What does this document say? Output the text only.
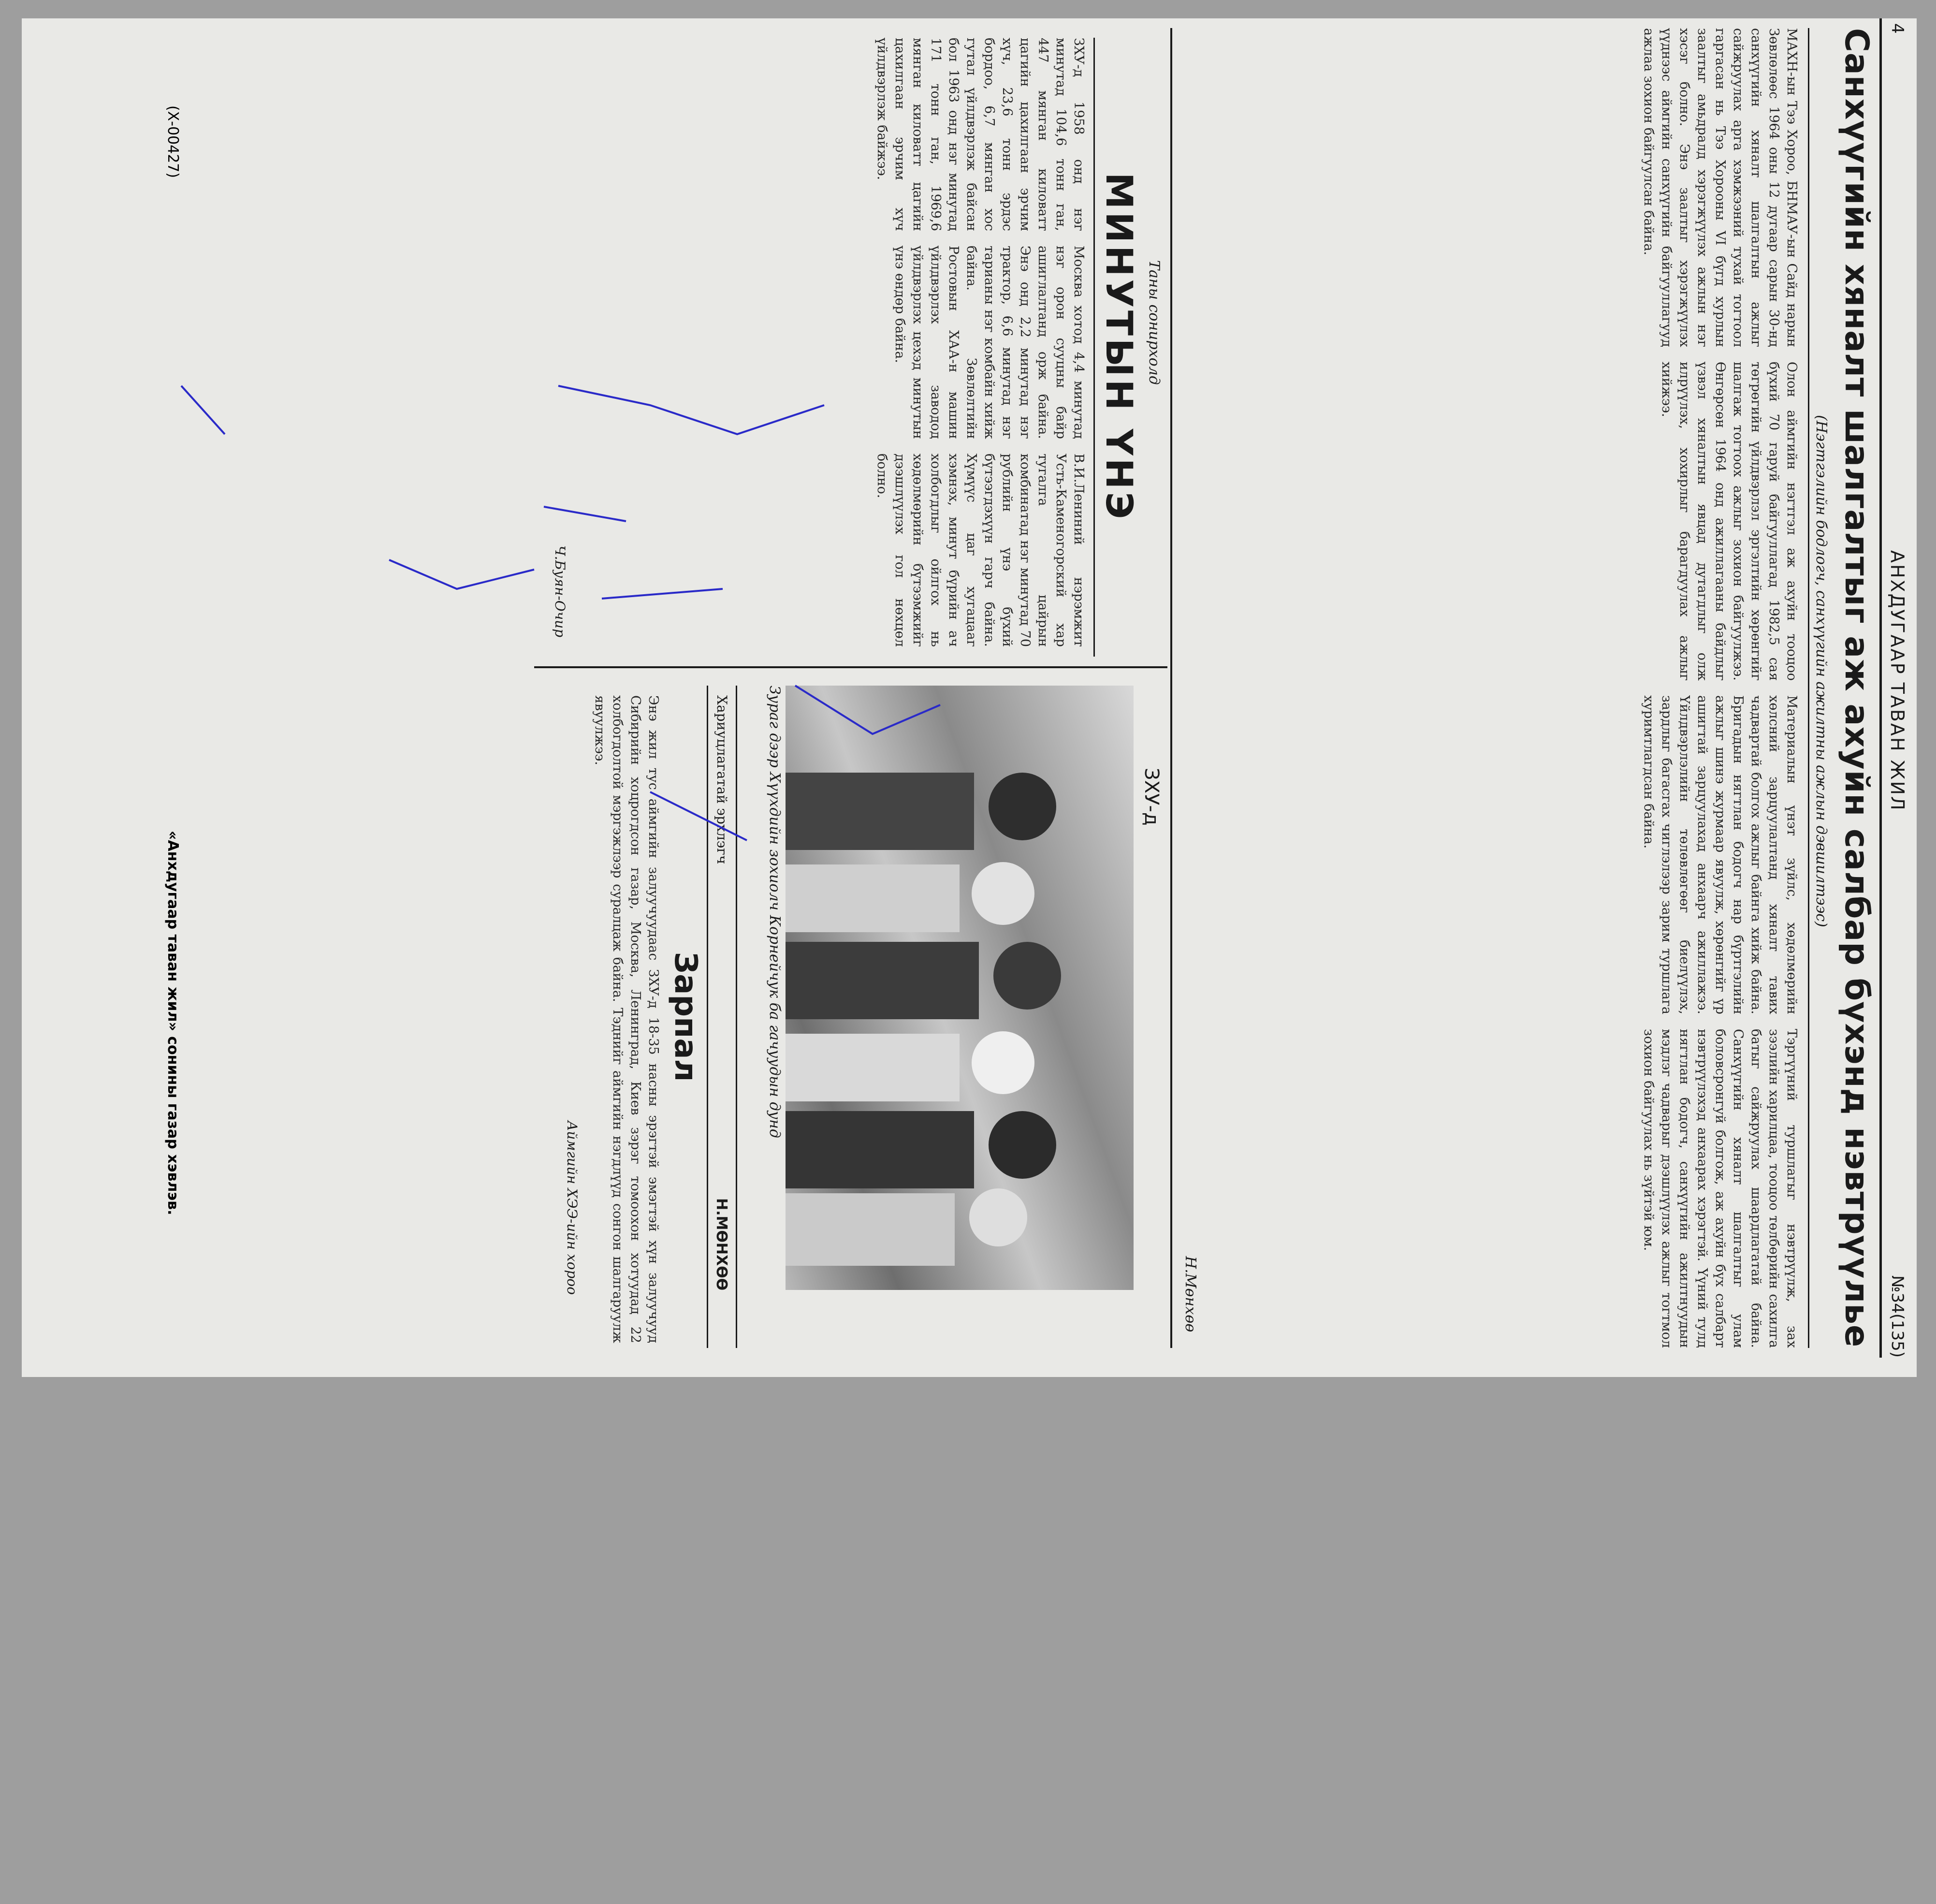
4
АНХДУГААР ТАВАН ЖИЛ
№34(135)
Санхүүгийн хяналт шалгалтыг аж ахуйн салбар бүхэнд нэвтрүүлье
(Нэгтгэлийн бодлогч, санхүүгийн ажилтны ажлын дэвшилтээс)
МАХН-ын Тээ Хороо, БНМАУ-ын Сайд нарын Зөвлөлөөс 1964 оны 12 дугаар сарын 30-нд санхүүгийн хяналт шалгалтын ажлыг сайжруулах арга хэмжээний тухай тогтоол гаргасан нь Тээ Хорооны VI бүгд хурлын заалтыг амьдралд хэрэгжүүлэх ажлын нэг хэсэг болно. Энэ заалтыг хэрэгжүүлэх үүднээс аймгийн санхүүгийн байгууллагууд ажлаа зохион байгуулсан байна.
Олон аймгийн нэгтгэл аж ахуйн тооцоо бүхий 70 гаруй байгууллагад 1982,5 сая төгрөгийн үйлдвэрлэл эргэлтийн хөрөнгийг шалгаж тогтоох ажлыг зохион байгуулжээ. Өнгөрсөн 1964 онд ажиллагааны байдлыг үзвэл хяналтын явцад дутагдлыг олж илрүүлэх, хохирлыг барагдуулах ажлыг хийжээ.
Материалын үнэт зүйлс, хөдөлмөрийн хөлсний зарцуулалтанд хяналт тавих чадвартай болгох ажлыг байнга хийж байна. Бригадын нягтлан бодогч нар бүртгэлийн ажлыг шинэ журмаар явуулж, хөрөнгийг үр ашигтай зарцуулахад анхаарч ажиллажээ. Үйлдвэрлэлийн төлөвлөгөөг биелүүлэх, зардлыг багасгах чиглэлээр зарим туршлага хуримтлагдсан байна.
Тэргүүний туршлагыг нэвтрүүлж, зах зээлийн харилцаа, тооцоо төлбөрийн сахилга батыг сайжруулах шаардлагатай байна. Санхүүгийн хяналт шалгалтыг улам боловсронгуй болгож, аж ахуйн бүх салбарт нэвтрүүлэхэд анхаарах хэрэгтэй. Үүний тулд нягтлан бодогч, санхүүгийн ажилтнуудын мэдлэг чадварыг дээшлүүлэх ажлыг тогтмол зохион байгуулах нь зүйтэй юм.
Н.Мөнхөө
Таны сонирхолд
МИНУТЫН ҮНЭ
ЗХУ-д 1958 онд нэг минутад 104,6 тонн ган, 447 мянган киловатт цагийн цахилгаан эрчим хүч, 23,6 тонн эрдэс бордоо, 6,7 мянган хос гутал үйлдвэрлэж байсан бол 1963 онд нэг минутад 171 тонн ган, 1969,6 мянган киловатт цагийн цахилгаан эрчим хүч үйлдвэрлэж байжээ.
Москва хотод 4,4 минутад нэг орон сууцны байр ашиглалтанд орж байна. Энэ онд 2,2 минутад нэг трактор, 6,6 минутад нэг тарианы нэг комбайн хийж байна. Зөвлөлтийн Ростовын ХАА-н машин үйлдвэрлэх заводод үйлдвэрлэх цехэд минутын үнэ өндөр байна.
В.И.Лениний нэрэмжит Усть-Каменогорский хар тугалга цайрын комбинатад нэг минутад 70 рублийн үнэ бүхий бүтээгдэхүүн гарч байна. Хүмүүс цаг хугацааг хэмнэх, минут бүрийн ач холбогдлыг ойлгох нь хөдөлмөрийн бүтээмжийг дээшлүүлэх гол нөхцөл болно.
Ч.Буян-Очир
ЗХУ-д
Зураг дээр Хүүхдийн зохиолч Корнейчук ба гачуудын дунд
Хариуцлагатай эрхлэгч
Н.МӨНХӨӨ
Зарпал
Энэ жил тус аймгийн залуучуудаас ЗХУ-д 18-35 насны эрэгтэй эмэгтэй хүн залуучууд Сибирийн хоцрогдсон газар, Москва, Ленинград, Киев зэрэг томоохон хотуудад 22 холбогдолтой мэргэжлээр суралцаж байна. Тэднийг аймгийн нэгдлүүд сонгон шалгаруулж явуулжээ.
Аймгийн ХЭЭ-ийн хороо
(Х-00427)
«Анхдугаар таван жил» сонины газар хэвлэв.
